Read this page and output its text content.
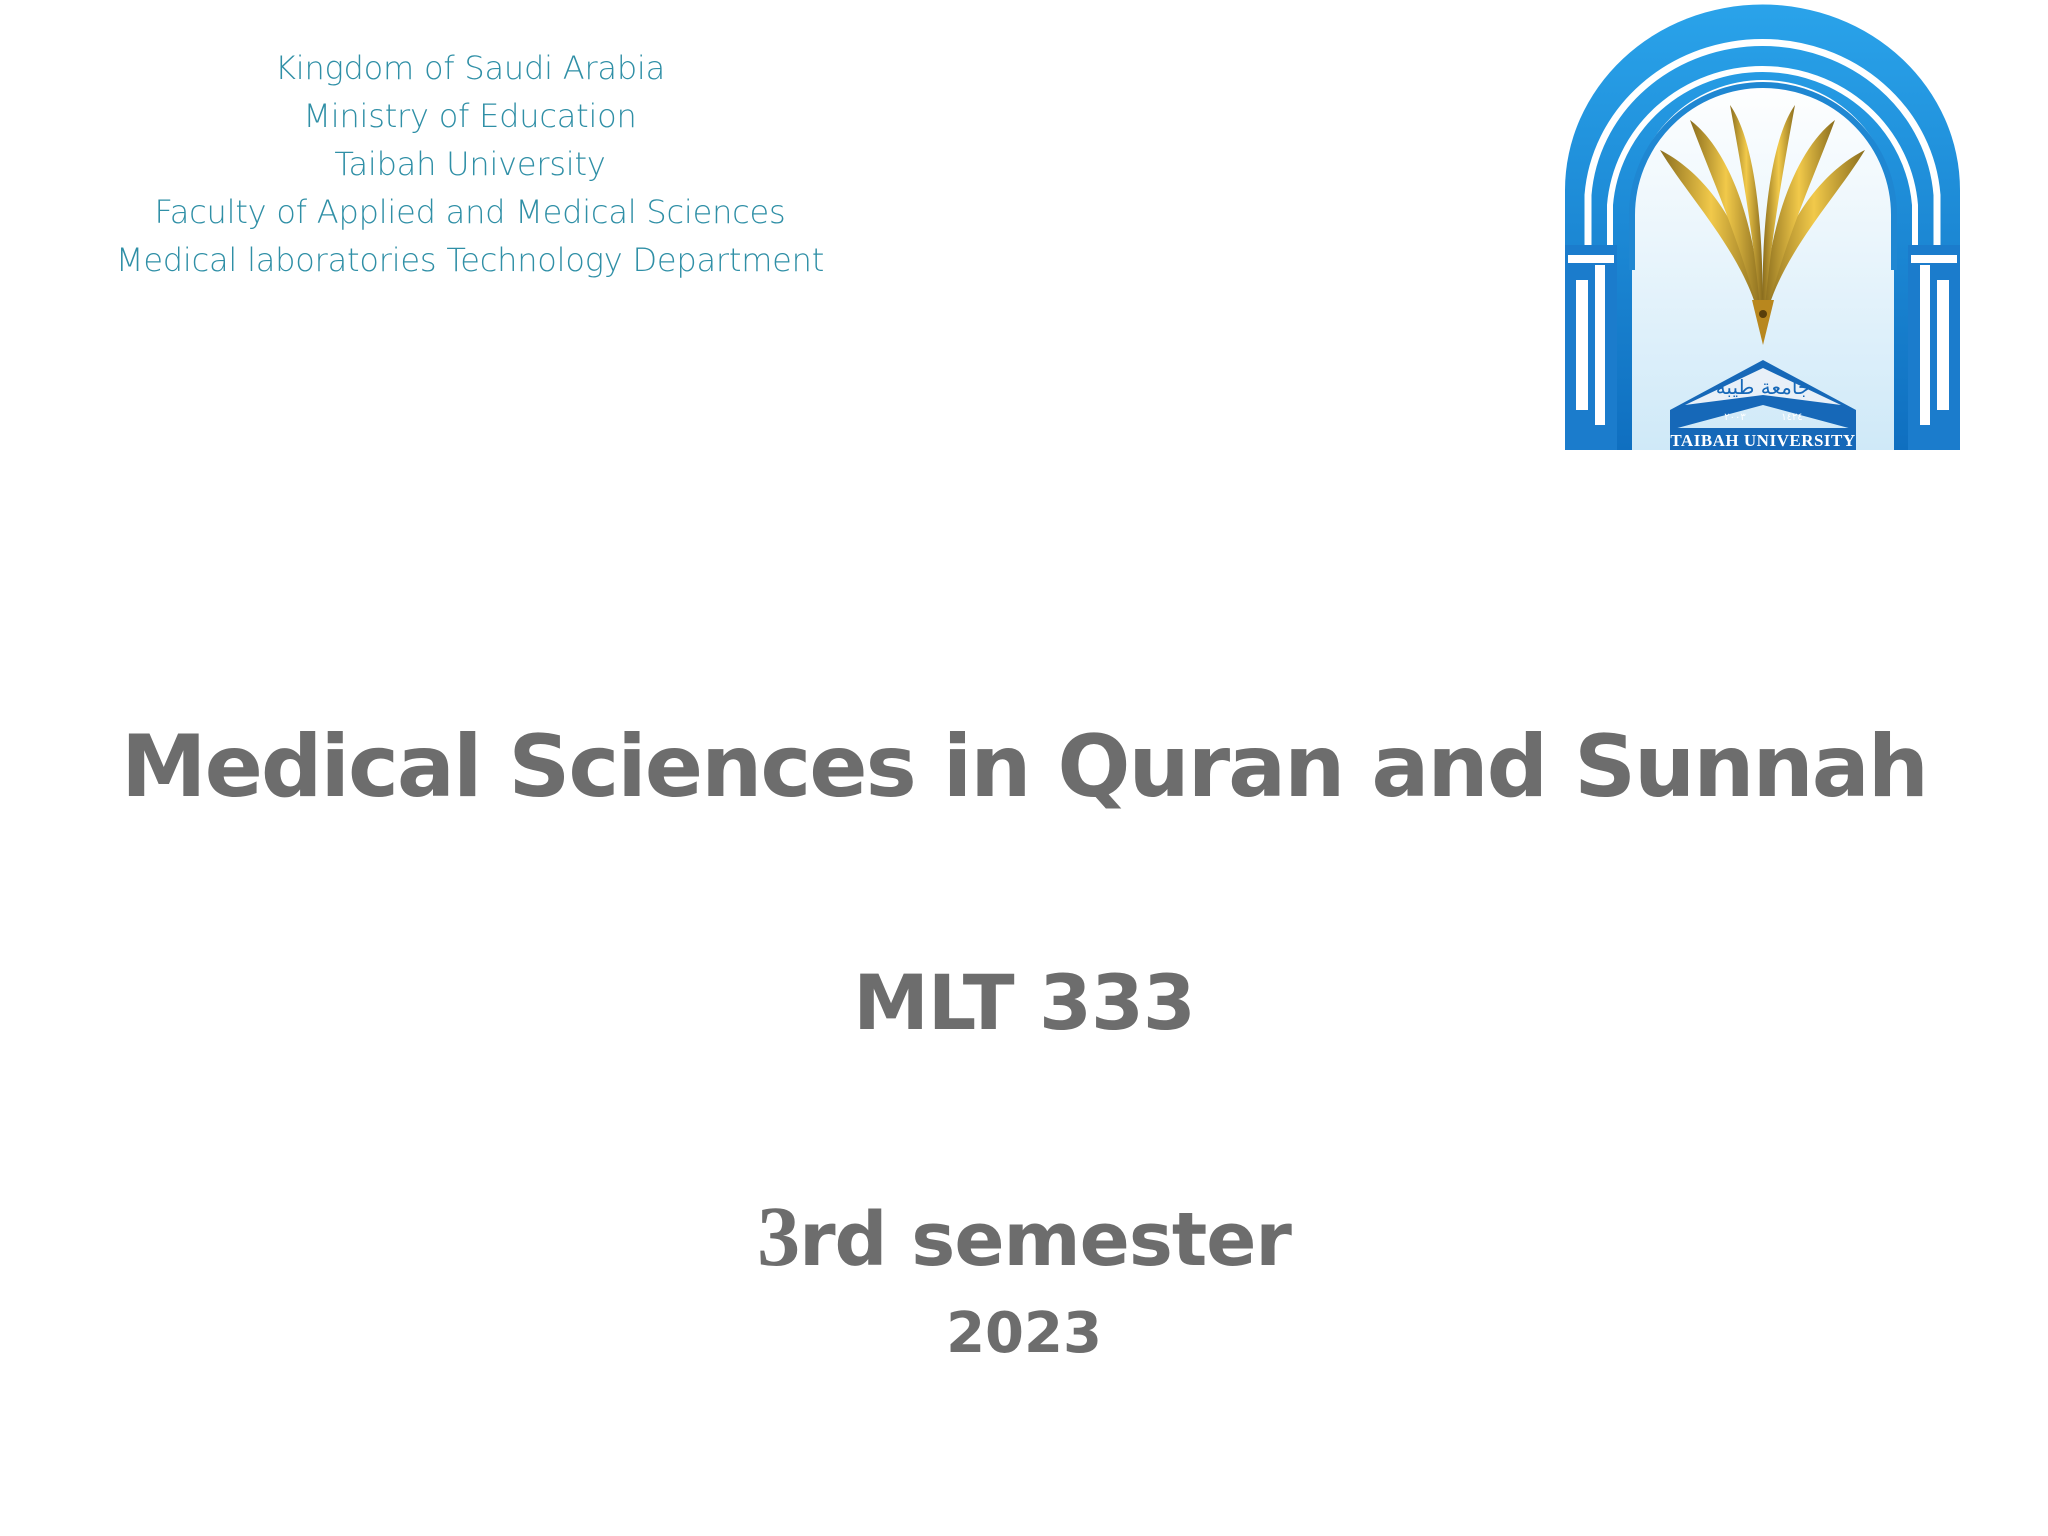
Kingdom of Saudi Arabia
Ministry of Education
Taibah University
Faculty of Applied and Medical Sciences
Medical laboratories Technology Department
جامعة طيبة
٢٠٠٣	١٤٢٤
TAIBAH UNIVERSITY
Medical Sciences in Quran and Sunnah
MLT 333
3rd semester
2023
